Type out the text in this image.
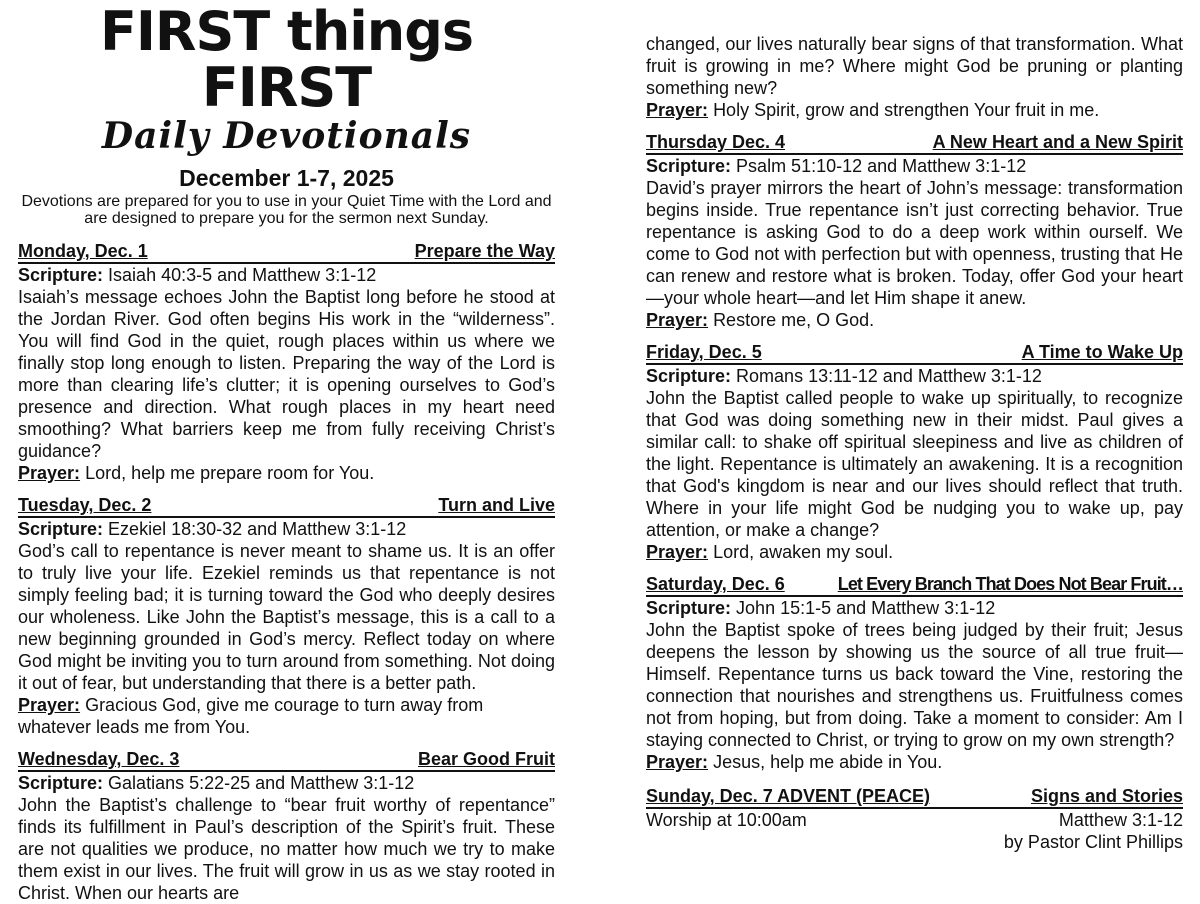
FIRST things FIRST
Daily Devotionals
December 1-7, 2025
Devotions are prepared for you to use in your Quiet Time with the Lord and are designed to prepare you for the sermon next Sunday.
Monday, Dec. 1	Prepare the Way
Scripture: Isaiah 40:3-5 and Matthew 3:1-12
Isaiah’s message echoes John the Baptist long before he stood at the Jordan River. God often begins His work in the “wilderness”. You will find God in the quiet, rough places within us where we finally stop long enough to listen. Preparing the way of the Lord is more than clearing life’s clutter; it is opening ourselves to God’s presence and direction. What rough places in my heart need smoothing? What barriers keep me from fully receiving Christ’s guidance?
Prayer: Lord, help me prepare room for You.
Tuesday, Dec. 2	Turn and Live
Scripture: Ezekiel 18:30-32 and Matthew 3:1-12
God’s call to repentance is never meant to shame us. It is an offer to truly live your life. Ezekiel reminds us that repentance is not simply feeling bad; it is turning toward the God who deeply desires our wholeness. Like John the Baptist’s message, this is a call to a new beginning grounded in God’s mercy. Reflect today on where God might be inviting you to turn around from something. Not doing it out of fear, but understanding that there is a better path.
Prayer: Gracious God, give me courage to turn away from whatever leads me from You.
Wednesday, Dec. 3	Bear Good Fruit
Scripture: Galatians 5:22-25 and Matthew 3:1-12
John the Baptist’s challenge to “bear fruit worthy of repentance” finds its fulfillment in Paul’s description of the Spirit’s fruit. These are not qualities we produce, no matter how much we try to make them exist in our lives. The fruit will grow in us as we stay rooted in Christ. When our hearts are
changed, our lives naturally bear signs of that transformation. What fruit is growing in me? Where might God be pruning or planting something new?
Prayer: Holy Spirit, grow and strengthen Your fruit in me.
Thursday Dec. 4	A New Heart and a New Spirit
Scripture: Psalm 51:10-12 and Matthew 3:1-12
David’s prayer mirrors the heart of John’s message: transformation begins inside. True repentance isn’t just correcting behavior. True repentance is asking God to do a deep work within ourself. We come to God not with perfection but with openness, trusting that He can renew and restore what is broken. Today, offer God your heart—your whole heart—and let Him shape it anew.
Prayer: Restore me, O God.
Friday, Dec. 5	A Time to Wake Up
Scripture: Romans 13:11-12 and Matthew 3:1-12
John the Baptist called people to wake up spiritually, to recognize that God was doing something new in their midst. Paul gives a similar call: to shake off spiritual sleepiness and live as children of the light. Repentance is ultimately an awakening. It is a recognition that God's kingdom is near and our lives should reflect that truth. Where in your life might God be nudging you to wake up, pay attention, or make a change?
Prayer: Lord, awaken my soul.
Saturday, Dec. 6	Let Every Branch That Does Not Bear Fruit…
Scripture: John 15:1-5 and Matthew 3:1-12
John the Baptist spoke of trees being judged by their fruit; Jesus deepens the lesson by showing us the source of all true fruit—Himself. Repentance turns us back toward the Vine, restoring the connection that nourishes and strengthens us. Fruitfulness comes not from hoping, but from doing. Take a moment to consider: Am I staying connected to Christ, or trying to grow on my own strength?
Prayer: Jesus, help me abide in You.
Sunday, Dec. 7 ADVENT (PEACE)	Signs and Stories
Worship at 10:00am	Matthew 3:1-12
by Pastor Clint Phillips
